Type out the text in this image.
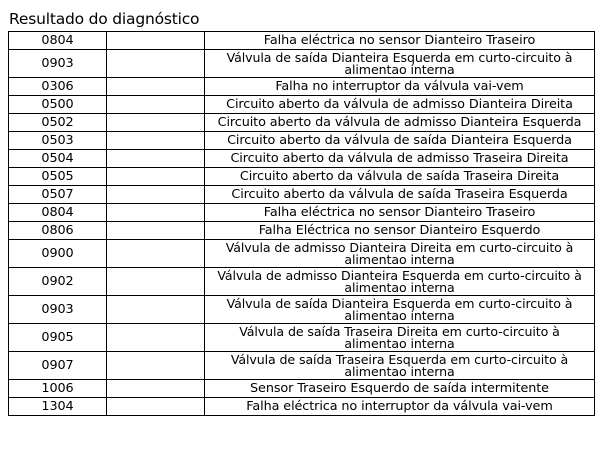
Resultado do diagnóstico
0804		Falha eléctrica no sensor Dianteiro Traseiro
0903		Válvula de saída Dianteira Esquerda em curto-circuito à alimentao interna
0306		Falha no interruptor da válvula vai-vem
0500		Circuito aberto da válvula de admisso Dianteira Direita
0502		Circuito aberto da válvula de admisso Dianteira Esquerda
0503		Circuito aberto da válvula de saída Dianteira Esquerda
0504		Circuito aberto da válvula de admisso Traseira Direita
0505		Circuito aberto da válvula de saída Traseira Direita
0507		Circuito aberto da válvula de saída Traseira Esquerda
0804		Falha eléctrica no sensor Dianteiro Traseiro
0806		Falha Eléctrica no sensor Dianteiro Esquerdo
0900		Válvula de admisso Dianteira Direita em curto-circuito à alimentao interna
0902		Válvula de admisso Dianteira Esquerda em curto-circuito à alimentao interna
0903		Válvula de saída Dianteira Esquerda em curto-circuito à alimentao interna
0905		Válvula de saída Traseira Direita em curto-circuito à alimentao interna
0907		Válvula de saída Traseira Esquerda em curto-circuito à alimentao interna
1006		Sensor Traseiro Esquerdo de saída intermitente
1304		Falha eléctrica no interruptor da válvula vai-vem
